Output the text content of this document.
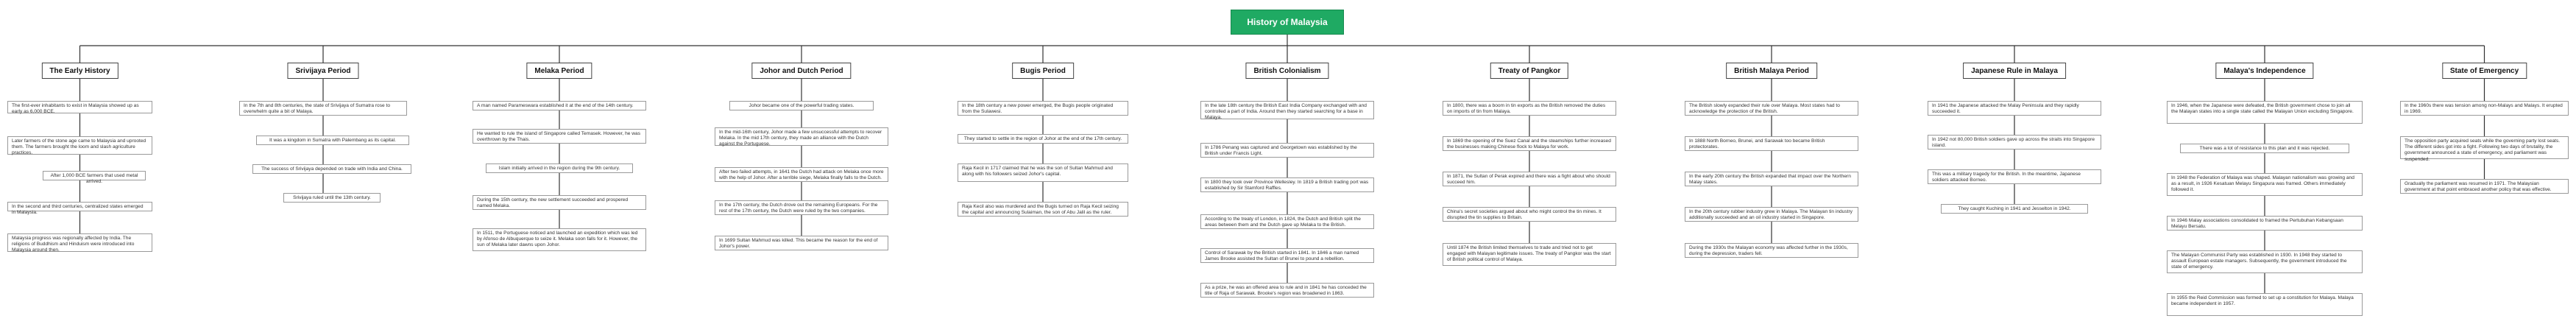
History of Malaysia
The Early History
The first-ever inhabitants to exist in Malaysia showed up as early as 6,000 BCE.
Later farmers of the stone age came to Malaysia and uprooted them. The farmers brought the loom and slash agriculture practices.
After 1,000 BCE farmers that used metal arrived.
In the second and third centuries, centralized states emerged in Malaysia.
Malaysia progress was regionally affected by India. The religions of Buddhism and Hinduism were introduced into Malaysia around then.
Srivijaya Period
In the 7th and 8th centuries, the state of Srivijaya of Sumatra rose to overwhelm quite a bit of Malaya.
It was a kingdom in Sumatra with Palembang as its capital.
The success of Srivijaya depended on trade with India and China.
Srivijaya ruled until the 13th century.
Melaka Period
A man named Parameswara established it at the end of the 14th century.
He wanted to rule the island of Singapore called Temasek. However, he was overthrown by the Thais.
Islam initially arrived in the region during the 9th century.
During the 15th century, the new settlement succeeded and prospered named Melaka.
In 1511, the Portuguese noticed and launched an expedition which was led by Afonso de Albuquerque to seize it. Melaka soon falls for it. However, the sun of Melaka later dawns upon Johor.
Johor and Dutch Period
Johor became one of the powerful trading states.
In the mid-16th century, Johor made a few unsuccessful attempts to recover Melaka. In the mid 17th century, they made an alliance with the Dutch against the Portuguese.
After two failed attempts, in 1641 the Dutch had attack on Melaka once more with the help of Johor. After a terrible siege, Melaka finally falls to the Dutch.
In the 17th century, the Dutch drove out the remaining Europeans. For the rest of the 17th century, the Dutch were ruled by the two companies.
In 1699 Sultan Mahmud was killed. This became the reason for the end of Johor's power.
Bugis Period
In the 18th century a new power emerged, the Bugis people originated from the Sulawesi.
They started to settle in the region of Johor at the end of the 17th century.
Raja Kecil in 1717 claimed that he was the son of Sultan Mahmud and along with his followers seized Johor's capital.
Raja Kecil also was murdered and the Bugis turned on Raja Kecil seizing the capital and announcing Sulaiman, the son of Abu Jalil as the ruler.
British Colonialism
In the late 18th century the British East India Company exchanged with and controlled a part of India. Around then they started searching for a base in Malaya.
In 1786 Penang was captured and Georgetown was established by the British under Francis Light.
In 1800 they took over Province Wellesley. In 1819 a British trading port was established by Sir Stamford Raffles.
According to the treaty of London, in 1824, the Dutch and British split the areas between them and the Dutch gave up Melaka to the British.
Control of Sarawak by the British started in 1841. In 1846 a man named James Brooke assisted the Sultan of Brunei to pound a rebellion.
As a prize, he was an offered area to rule and in 1841 he has conceded the title of Raja of Sarawak. Brooke's region was broadened in 1863.
Treaty of Pangkor
In 1800, there was a boom in tin exports as the British removed the duties on imports of tin from Malaya.
In 1869 the opening of the Suez Canal and the steamships further increased the businesses making Chinese flock to Malaya for work.
In 1871, the Sultan of Perak expired and there was a fight about who should succeed him.
China's secret societies argued about who might control the tin mines. It disrupted the tin supplies to Britain.
Until 1874 the British limited themselves to trade and tried not to get engaged with Malayan legitimate issues. The treaty of Pangkor was the start of British political control of Malaya.
British Malaya Period
The British slowly expanded their rule over Malaya. Most states had to acknowledge the protection of the British.
In 1888 North Borneo, Brunei, and Sarawak too became British protectorates.
In the early 20th century the British expanded that impact over the Northern Malay states.
In the 20th century rubber industry grew in Malaya. The Malayan tin industry additionally succeeded and an oil industry started in Singapore.
During the 1930s the Malayan economy was affected further in the 1930s, during the depression, traders fell.
Japanese Rule in Malaya
In 1941 the Japanese attacked the Malay Peninsula and they rapidly succeeded it.
In 1942 not 80,000 British soldiers gave up across the straits into Singapore island.
This was a military tragedy for the British. In the meantime, Japanese soldiers attacked Borneo.
They caught Kuching in 1941 and Jesselton in 1942.
Malaya's Independence
In 1946, when the Japanese were defeated, the British government chose to join all the Malayan states into a single state called the Malayan Union excluding Singapore.
There was a lot of resistance to this plan and it was rejected.
In 1948 the Federation of Malaya was shaped. Malayan nationalism was growing and as a result, in 1926 Kesatuan Melayu Singapura was framed. Others immediately followed it.
In 1946 Malay associations consolidated to framed the Pertubuhan Kebangsaan Melayu Bersatu.
The Malayan Communist Party was established in 1930. In 1948 they started to assault European estate managers. Subsequently, the government introduced the state of emergency.
In 1955 the Reid Commission was formed to set up a constitution for Malaya. Malaya became independent in 1957.
State of Emergency
In the 1960s there was tension among non-Malays and Malays. It erupted in 1969.
The opposition party acquired seats while the governing party lost seats. The different sides got into a fight. Following two days of brutality, the government announced a state of emergency, and parliament was suspended.
Gradually the parliament was resumed in 1971. The Malaysian government at that point embraced another policy that was effective.
